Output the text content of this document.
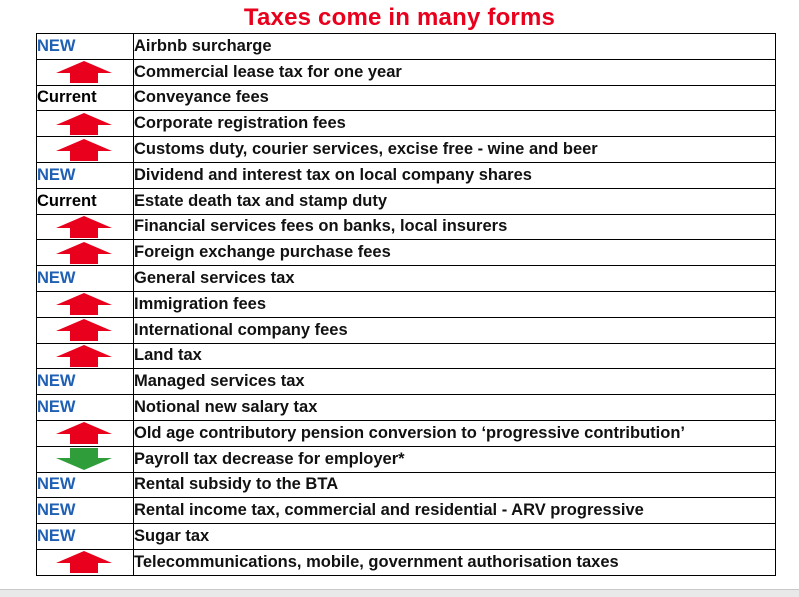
Taxes come in many forms
NEW	Airbnb surcharge

	Commercial lease tax for one year
Current	Conveyance fees

	Corporate registration fees

	Customs duty, courier services, excise free - wine and beer
NEW	Dividend and interest tax on local company shares
Current	Estate death tax and stamp duty

	Financial services fees on banks, local insurers

	Foreign exchange purchase fees
NEW	General services tax

	Immigration fees

	International company fees

	Land tax
NEW	Managed services tax
NEW	Notional new salary tax

	Old age contributory pension conversion to ‘progressive contribution’

	Payroll tax decrease for employer*
NEW	Rental subsidy to the BTA
NEW	Rental income tax, commercial and residential - ARV progressive
NEW	Sugar tax

	Telecommunications, mobile, government authorisation taxes
